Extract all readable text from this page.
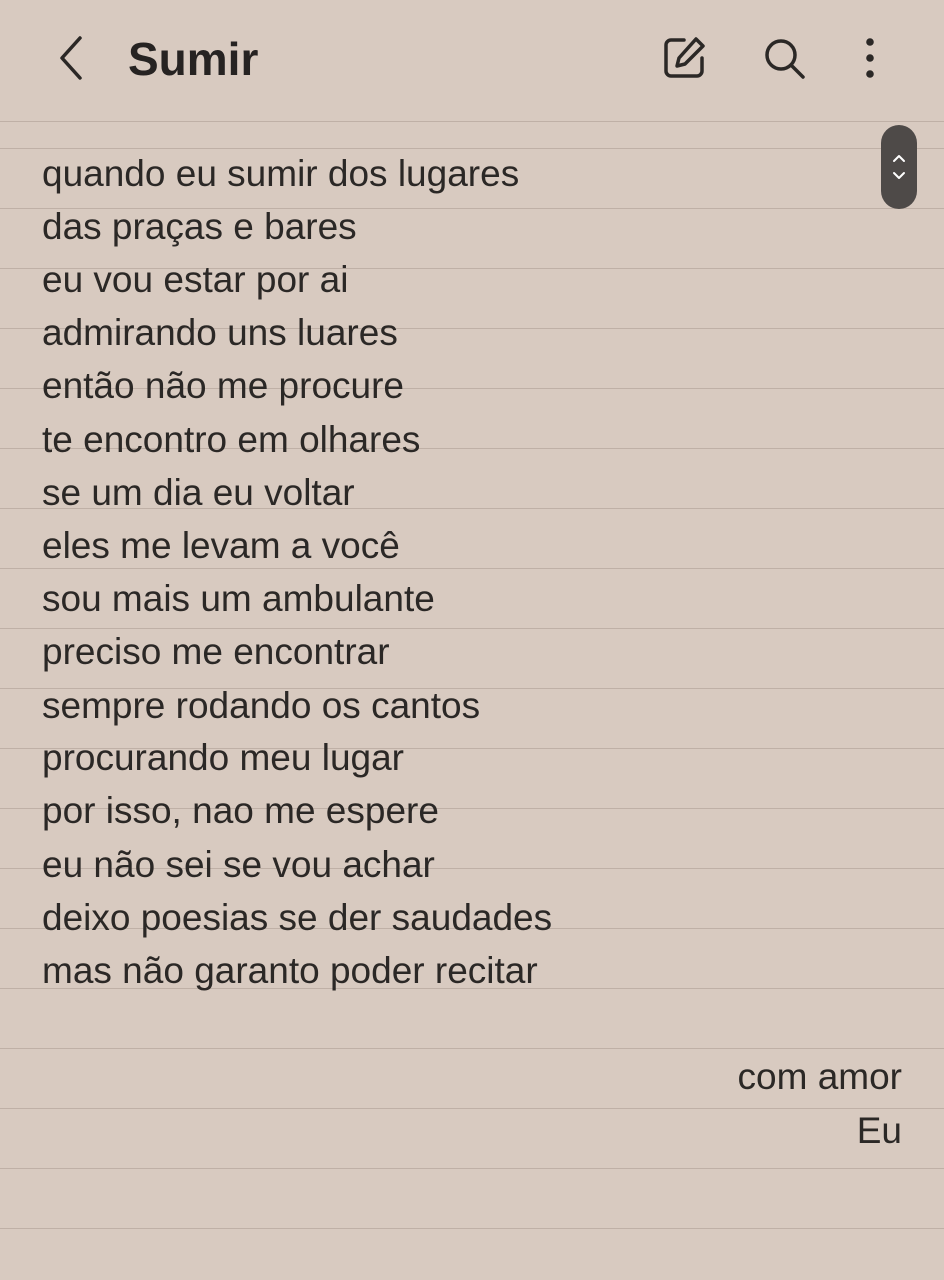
quando eu sumir dos lugares
das praças e bares
eu vou estar por ai
admirando uns luares
então não me procure
te encontro em olhares
se um dia eu voltar
eles me levam a você
sou mais um ambulante
preciso me encontrar
sempre rodando os cantos
procurando meu lugar
por isso, nao me espere
eu não sei se vou achar
deixo poesias se der saudades
mas não garanto poder recitar
com amor
Eu
Sumir
